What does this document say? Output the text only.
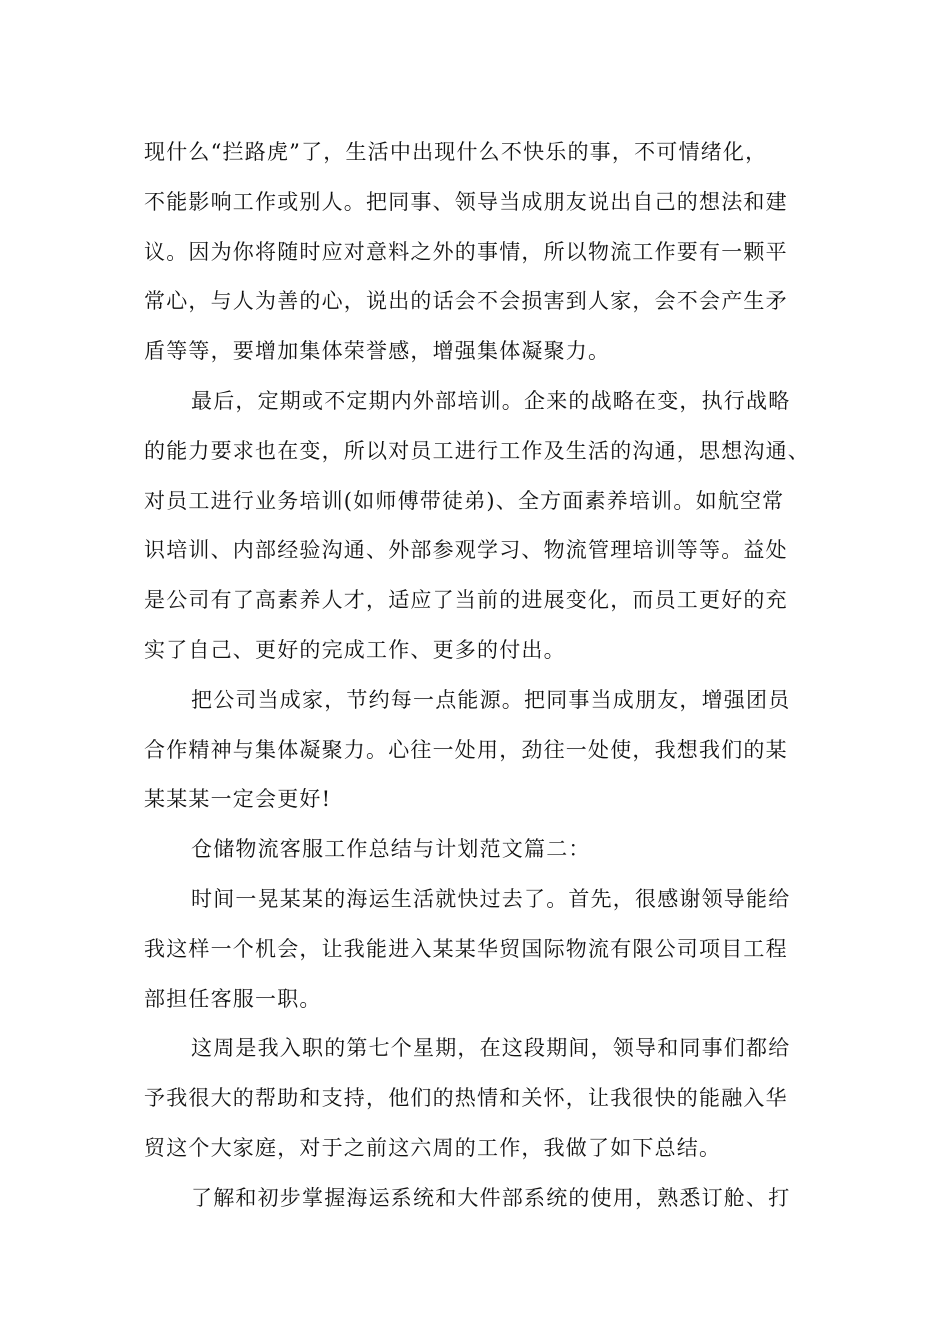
现什么“拦路虎”了，生活中出现什么不快乐的事，不可情绪化，
不能影响工作或别人。把同事、领导当成朋友说出自己的想法和建
议。因为你将随时应对意料之外的事情，所以物流工作要有一颗平
常心，与人为善的心，说出的话会不会损害到人家，会不会产生矛
盾等等，要增加集体荣誉感，增强集体凝聚力。
最后，定期或不定期内外部培训。企来的战略在变，执行战略
的能力要求也在变，所以对员工进行工作及生活的沟通，思想沟通、
对员工进行业务培训(如师傅带徒弟)、全方面素养培训。如航空常
识培训、内部经验沟通、外部参观学习、物流管理培训等等。益处
是公司有了高素养人才，适应了当前的进展变化，而员工更好的充
实了自己、更好的完成工作、更多的付出。
把公司当成家，节约每一点能源。把同事当成朋友，增强团员
合作精神与集体凝聚力。心往一处用，劲往一处使，我想我们的某
某某某一定会更好!
仓储物流客服工作总结与计划范文篇二：
时间一晃某某的海运生活就快过去了。首先，很感谢领导能给
我这样一个机会，让我能进入某某华贸国际物流有限公司项目工程
部担任客服一职。
这周是我入职的第七个星期，在这段期间，领导和同事们都给
予我很大的帮助和支持，他们的热情和关怀，让我很快的能融入华
贸这个大家庭，对于之前这六周的工作，我做了如下总结。
了解和初步掌握海运系统和大件部系统的使用，熟悉订舱、打
